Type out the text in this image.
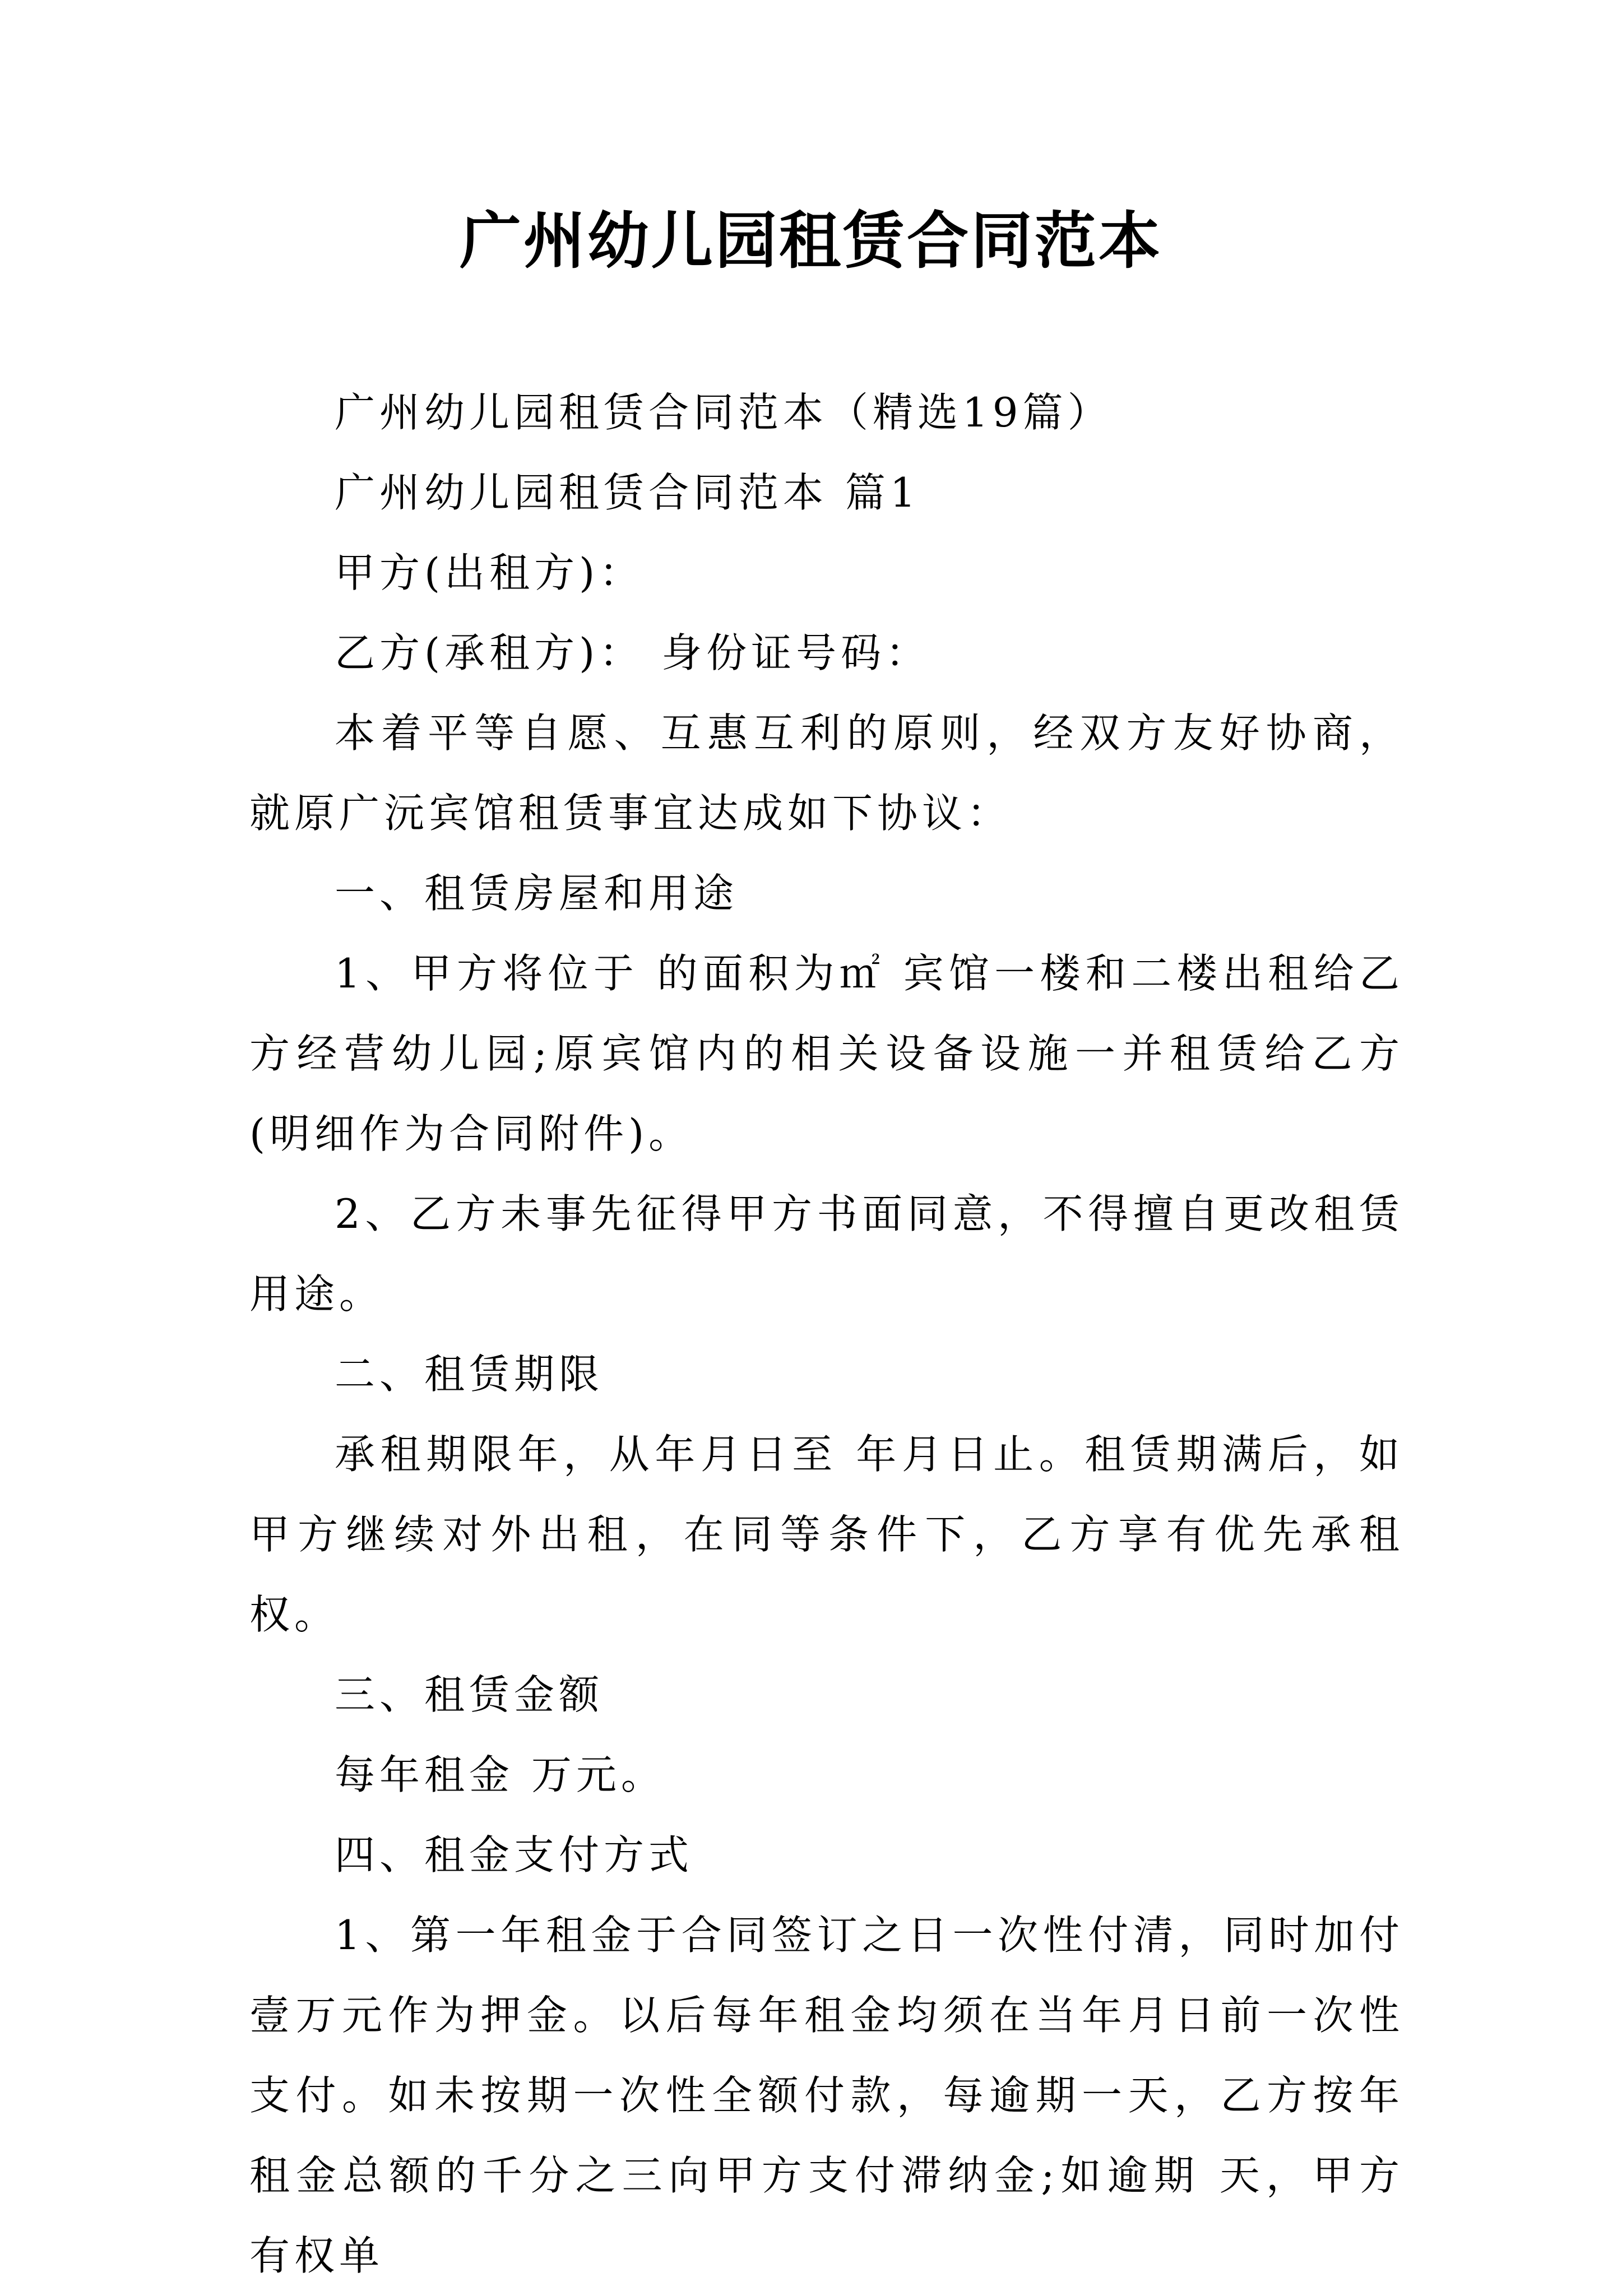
广州幼儿园租赁合同范本

广州幼儿园租赁合同范本（精选19篇）

广州幼儿园租赁合同范本 篇1

甲方(出租方)：

乙方(承租方)： 身份证号码：

本着平等自愿、互惠互利的原则，经双方友好协商，就原广沅宾馆租赁事宜达成如下协议：

一、租赁房屋和用途

1、甲方将位于 的面积为㎡ 宾馆一楼和二楼出租给乙方经营幼儿园;原宾馆内的相关设备设施一并租赁给乙方(明细作为合同附件)。

2、乙方未事先征得甲方书面同意，不得擅自更改租赁用途。

二、租赁期限

承租期限年，从年月日至 年月日止。租赁期满后，如甲方继续对外出租，在同等条件下，乙方享有优先承租权。

三、租赁金额

每年租金 万元。

四、租金支付方式

1、第一年租金于合同签订之日一次性付清，同时加付壹万元作为押金。以后每年租金均须在当年月日前一次性支付。如未按期一次性全额付款，每逾期一天，乙方按年租金总额的千分之三向甲方支付滞纳金;如逾期 天，甲方有权单
